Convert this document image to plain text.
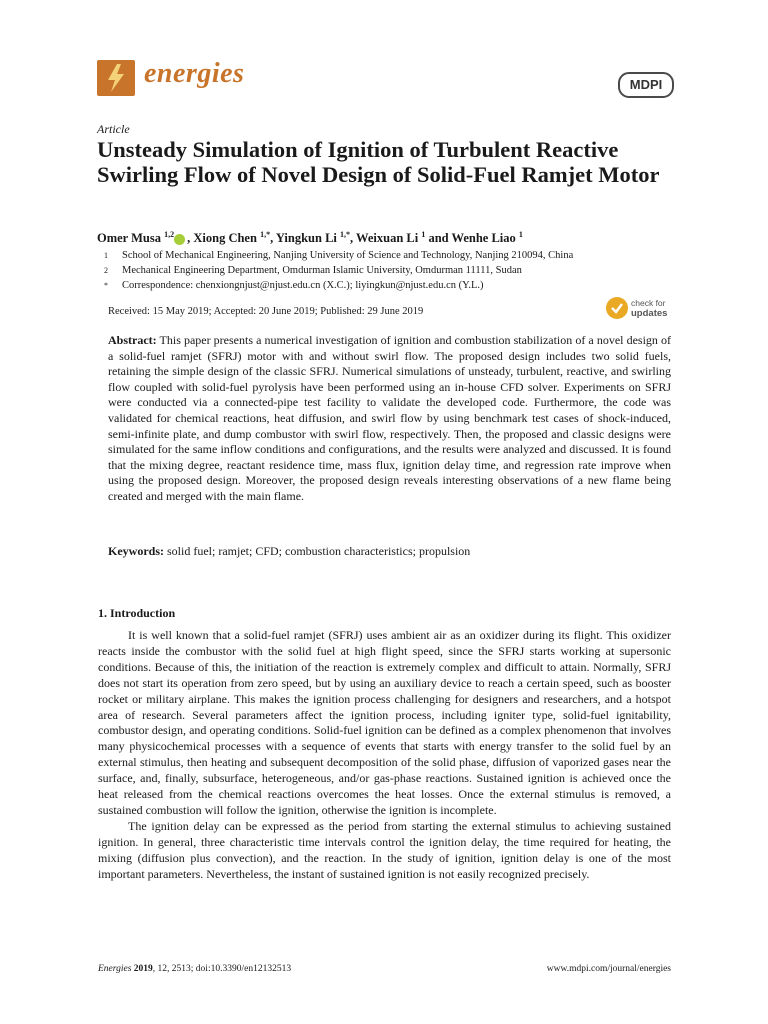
energies	MDPI
Article
Unsteady Simulation of Ignition of Turbulent Reactive Swirling Flow of Novel Design of Solid-Fuel Ramjet Motor
Omer Musa $^{1,2}$ , Xiong Chen $^{1,*}$, Yingkun Li $^{1,*}$, Weixuan Li $^1$ and Wenhe Liao $^1$
1 School of Mechanical Engineering, Nanjing University of Science and Technology, Nanjing 210094, China
2 Mechanical Engineering Department, Omdurman Islamic University, Omdurman 11111, Sudan
* Correspondence: chenxiongnjust@njust.edu.cn (X.C.); liyingkun@njust.edu.cn (Y.L.)
Received: 15 May 2019; Accepted: 20 June 2019; Published: 29 June 2019
check for
updates
Abstract: This paper presents a numerical investigation of ignition and combustion stabilization of a novel design of a solid-fuel ramjet (SFRJ) motor with and without swirl flow. The proposed design includes two solid fuels, retaining the simple design of the classic SFRJ. Numerical simulations of unsteady, turbulent, reactive, and swirling flow coupled with solid-fuel pyrolysis have been performed using an in-house CFD solver. Experiments on SFRJ were conducted via a connected-pipe test facility to validate the developed code. Furthermore, the code was validated for chemical reactions, heat diffusion, and swirl flow by using benchmark test cases of shock-induced, semi-infinite plate, and dump combustor with swirl flow, respectively. Then, the proposed and classic designs were simulated for the same inflow conditions and configurations, and the results were analyzed and discussed. It is found that the mixing degree, reactant residence time, mass flux, ignition delay time, and regression rate improve when using the proposed design. Moreover, the proposed design reveals interesting observations of a new flame being created and merged with the main flame.
Keywords: solid fuel; ramjet; CFD; combustion characteristics; propulsion
1. Introduction

It is well known that a solid-fuel ramjet (SFRJ) uses ambient air as an oxidizer during its flight. This oxidizer reacts inside the combustor with the solid fuel at high flight speed, since the SFRJ starts working at supersonic conditions. Because of this, the initiation of the reaction is extremely complex and difficult to attain. Normally, SFRJ does not start its operation from zero speed, but by using an auxiliary device to reach a certain speed, such as booster rocket or military airplane. This makes the ignition process challenging for designers and researchers, and a hotspot area of research. Several parameters affect the ignition process, including igniter type, solid-fuel ignitability, combustor design, and operating conditions. Solid-fuel ignition can be defined as a complex phenomenon that involves many physicochemical processes with a sequence of events that starts with energy transfer to the solid fuel by an external stimulus, then heating and subsequent decomposition of the solid phase, diffusion of vaporized gases near the surface, and, finally, subsurface, heterogeneous, and/or gas-phase reactions. Sustained ignition is achieved once the heat released from the chemical reactions overcomes the heat losses. Once the external stimulus is removed, a sustained combustion will follow the ignition, otherwise the ignition is incomplete.

The ignition delay can be expressed as the period from starting the external stimulus to achieving sustained ignition. In general, three characteristic time intervals control the ignition delay, the time required for heating, the mixing (diffusion plus convection), and the reaction. In the study of ignition, ignition delay is one of the most important parameters. Nevertheless, the instant of sustained ignition is not easily recognized precisely.

Energies 2019, 12, 2513; doi:10.3390/en12132513	www.mdpi.com/journal/energies
